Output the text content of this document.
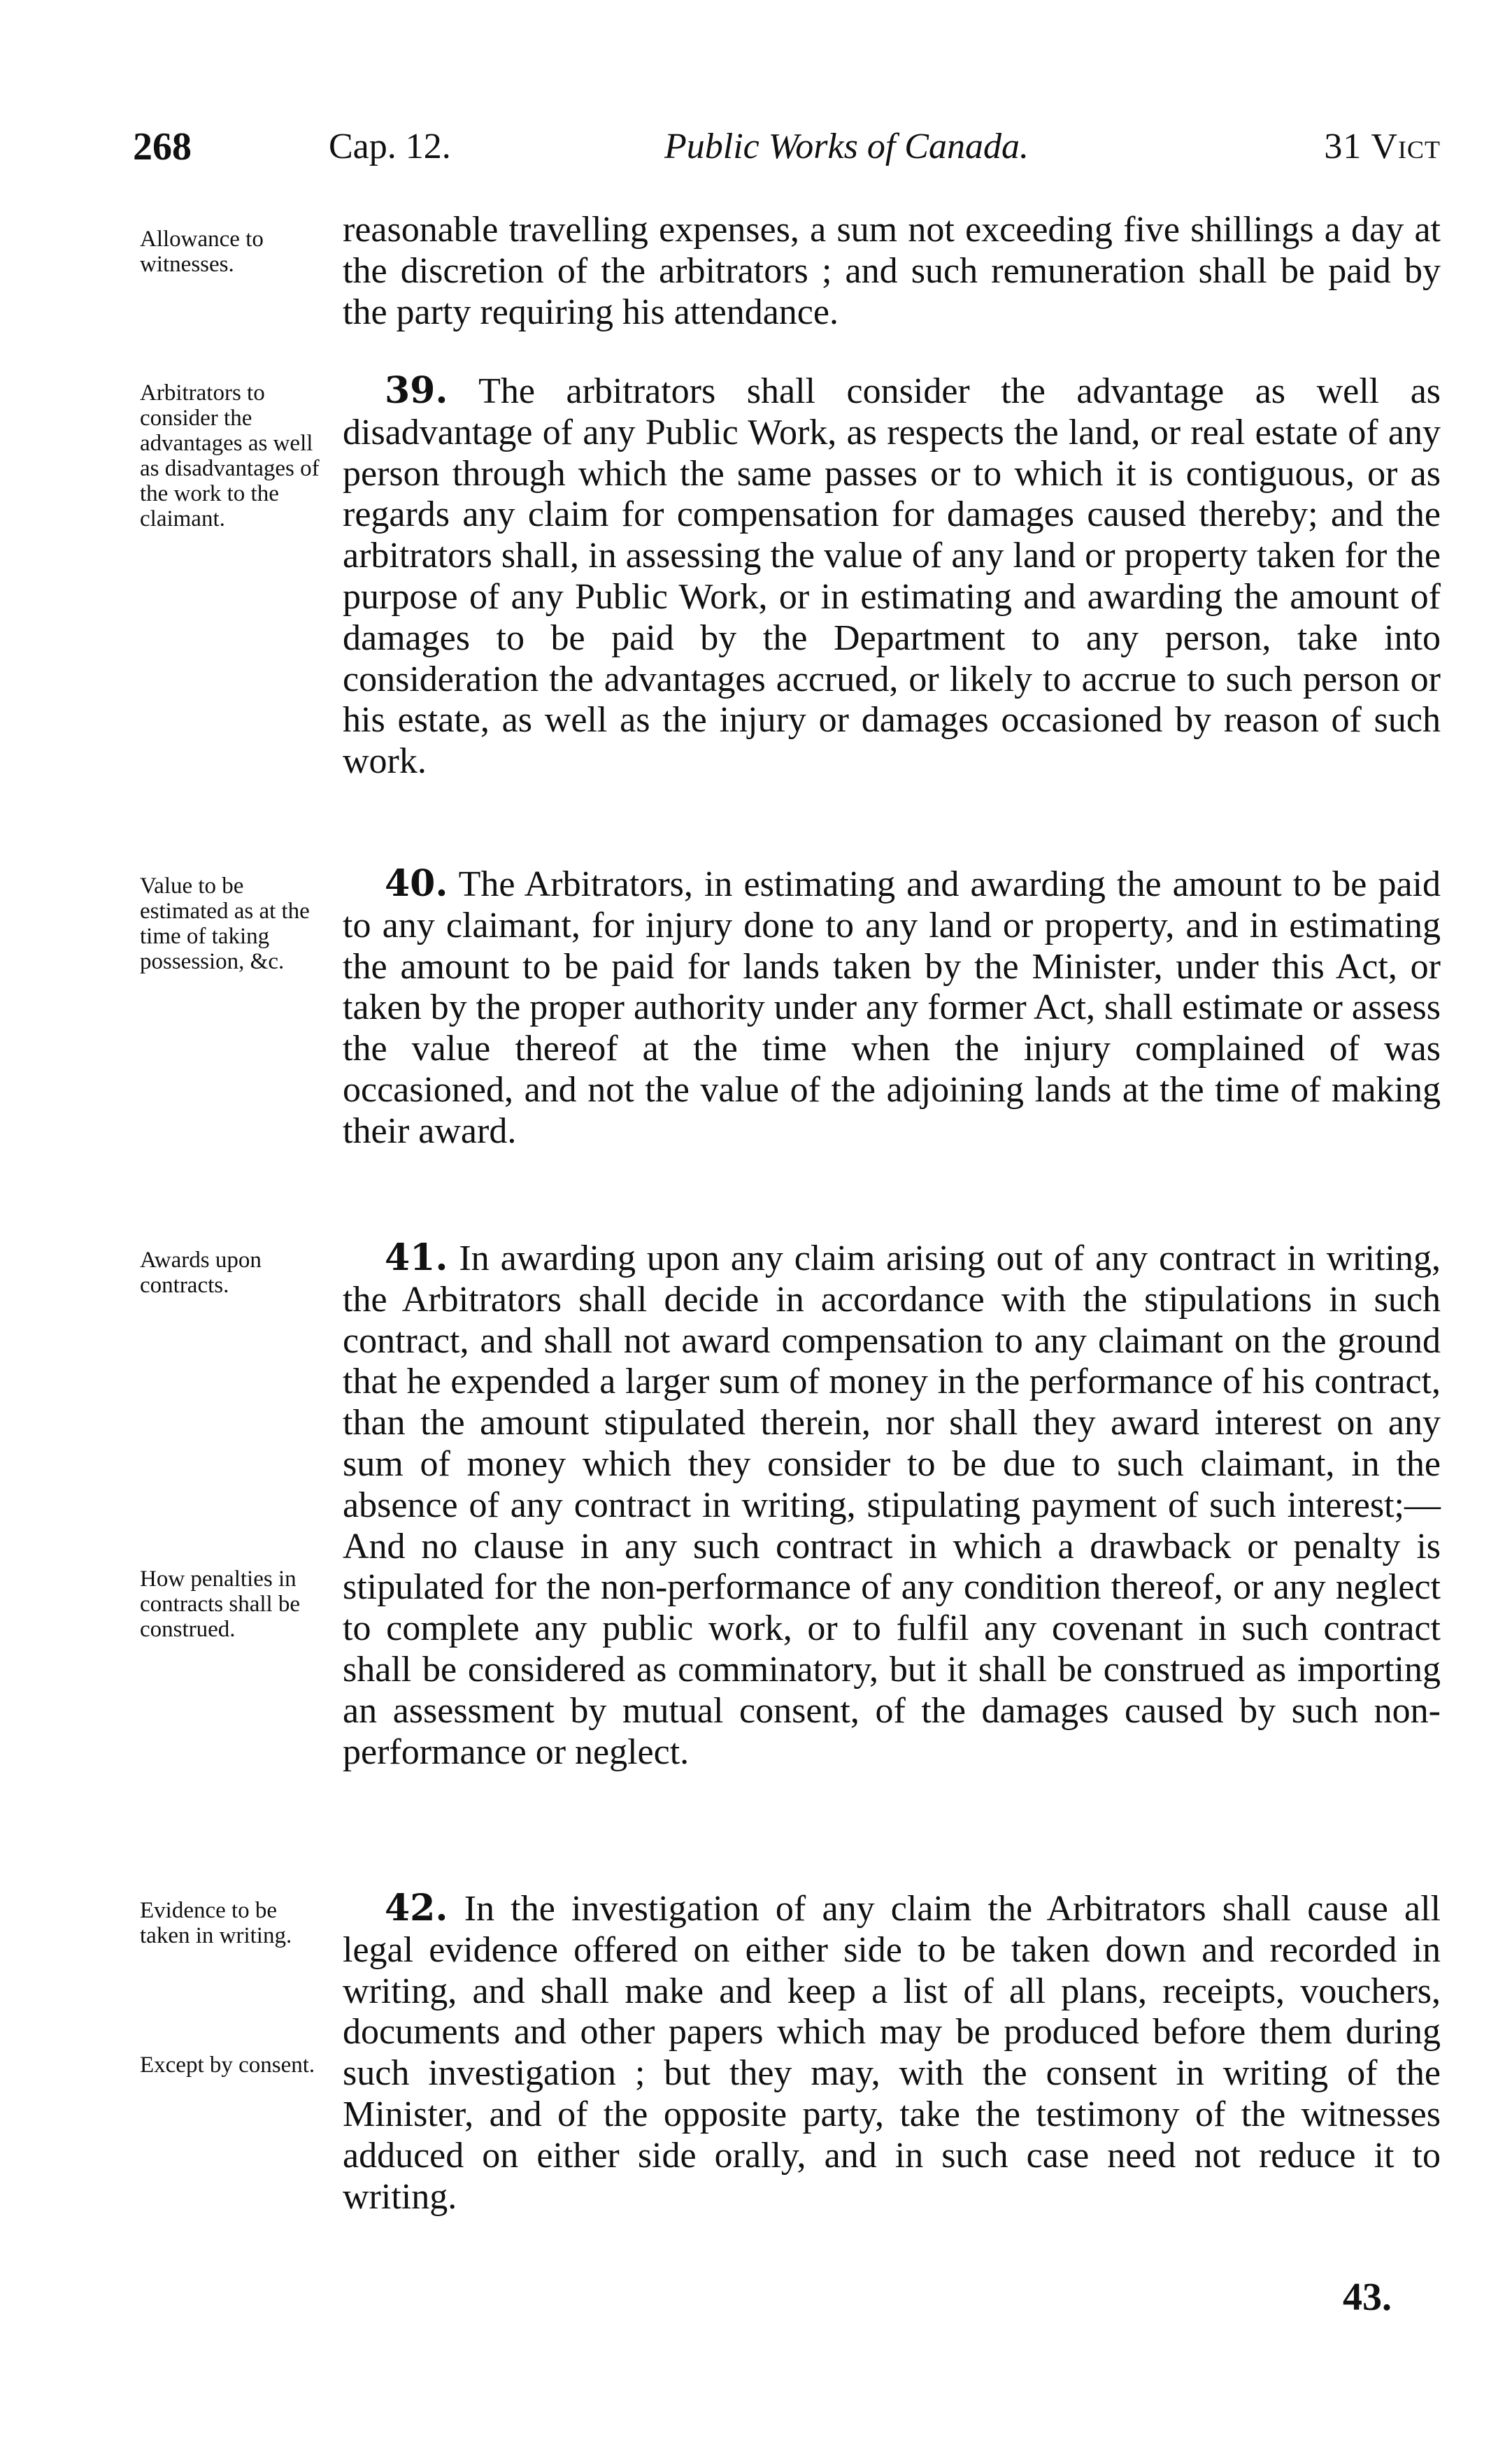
268	Cap. 12.	Public Works of Canada.	31 Vict
Allowance to witnesses.
reasonable travelling expenses, a sum not exceeding five shillings a day at the discretion of the arbitrators ; and such remuneration shall be paid by the party requiring his attendance.
Arbitrators to consider the advantages as well as disadvantages of the work to the claimant.
39. The arbitrators shall consider the advantage as well as disadvantage of any Public Work, as respects the land, or real estate of any person through which the same passes or to which it is contiguous, or as regards any claim for compensation for damages caused thereby; and the arbitrators shall, in assessing the value of any land or property taken for the purpose of any Public Work, or in estimating and awarding the amount of damages to be paid by the Department to any person, take into consideration the advantages accrued, or likely to accrue to such person or his estate, as well as the injury or damages occasioned by reason of such work.
Value to be estimated as at the time of taking possession, &c.
40. The Arbitrators, in estimating and awarding the amount to be paid to any claimant, for injury done to any land or property, and in estimating the amount to be paid for lands taken by the Minister, under this Act, or taken by the proper authority under any former Act, shall estimate or assess the value thereof at the time when the injury complained of was occasioned, and not the value of the adjoining lands at the time of making their award.
Awards upon contracts.
How penalties in contracts shall be construed.
41. In awarding upon any claim arising out of any contract in writing, the Arbitrators shall decide in accordance with the stipulations in such contract, and shall not award compensation to any claimant on the ground that he expended a larger sum of money in the performance of his contract, than the amount stipulated therein, nor shall they award interest on any sum of money which they consider to be due to such claimant, in the absence of any contract in writing, stipulating payment of such interest;—And no clause in any such contract in which a drawback or penalty is stipulated for the non-performance of any condition thereof, or any neglect to complete any public work, or to fulfil any covenant in such contract shall be considered as comminatory, but it shall be construed as importing an assessment by mutual consent, of the damages caused by such non-performance or neglect.
Evidence to be taken in writing.
Except by consent.
42. In the investigation of any claim the Arbitrators shall cause all legal evidence offered on either side to be taken down and recorded in writing, and shall make and keep a list of all plans, receipts, vouchers, documents and other papers which may be produced before them during such investigation ; but they may, with the consent in writing of the Minister, and of the opposite party, take the testimony of the witnesses adduced on either side orally, and in such case need not reduce it to writing.
43.
